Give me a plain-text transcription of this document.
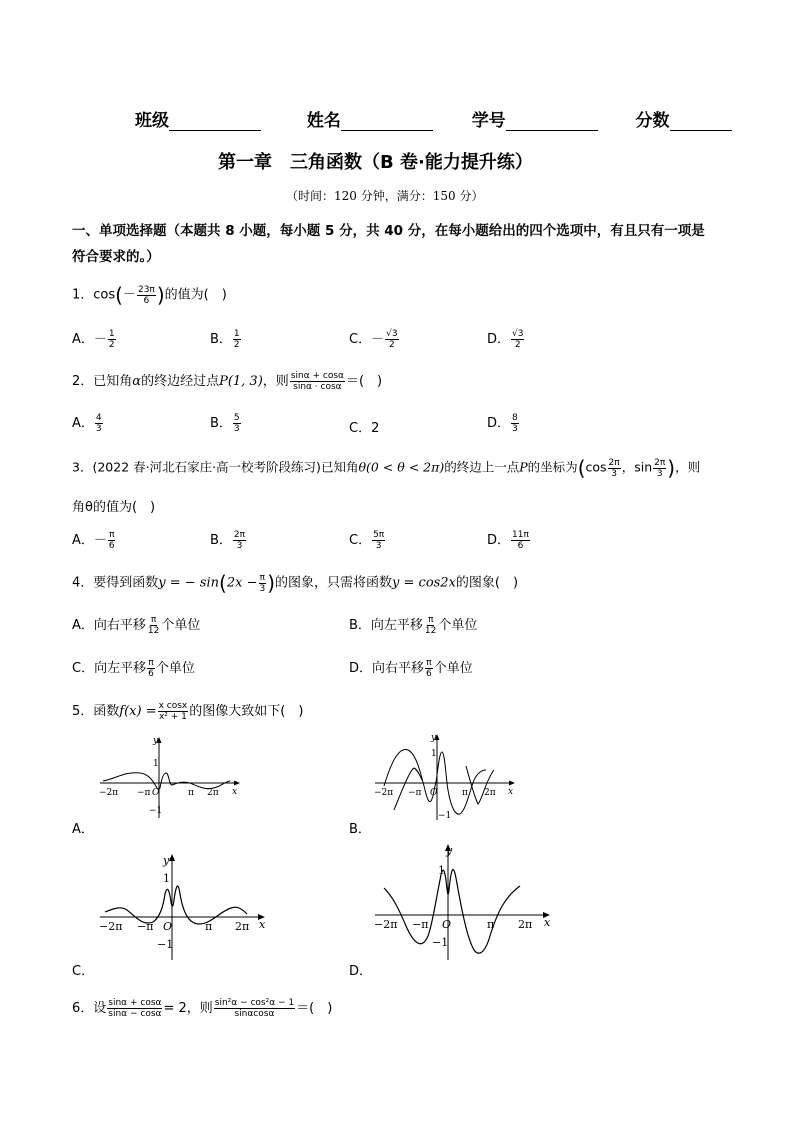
班级	姓名	学号	分数
第一章　三角函数（B 卷·能力提升练）
（时间：120 分钟，满分：150 分）
一、单项选择题（本题共 8 小题，每小题 5 分，共 40 分，在每小题给出的四个选项中，有且只有一项是
符合要求的。）
1．$\cos(- \frac{23\pi}{6}$ )的值为(　)
A．－ $\frac{1}{2}$	B． $\frac{1}{2}$	C．－ $\frac{√3}{2}$	D． $\frac{√3}{2}$
2．已知角α的终边经过点P(1, 3)，则 $\frac{\sin\alpha + \cos\alpha}{\sin\alpha \cdot \cos\alpha}$ ＝(　)
A． $\frac{4}{3}$	B． $\frac{5}{3}$	C．2	D． $\frac{8}{3}$
3．(2022 春·河北石家庄·高一校考阶段练习)已知角θ(0 < θ < 2π)的终边上一点P的坐标为($\cos \frac{2\pi}{3}$ ，$\sin \frac{2\pi}{3}$ )，则
角θ的值为(　)
A．－ $\frac{\pi}{6}$	B． $\frac{2\pi}{3}$	C． $\frac{5\pi}{3}$	D． $\frac{11\pi}{6}$
4．要得到函数y = − $\sin(2x - \frac{\pi}{3}$ )的图象，只需将函数y = cos2x的图象(　)
A．向右平移 $\frac{\pi}{12}$ 个单位	B．向左平移 $\frac{\pi}{12}$ 个单位
C．向左平移 $\frac{\pi}{6}$ 个单位	D．向右平移 $\frac{\pi}{6}$ 个单位
5．函数$f(x) = \frac{\text{x cosx}}{\text{x² + 1}}$ 的图像大致如下(　)
−2π −π O	π 2π x
y
1
−1
A．
−2π −π O	π 2π x
y
1
−1
B．
−2π −π O	π 2π x
y
1
−1
C．
−2π −π O	π 2π x
y
1
−1
D．
6．设 $\frac{\sin\alpha + \cos\alpha}{\sin\alpha - \cos\alpha} = 2$，则 $\frac{\text{sin²α − cos²α − 1}}{\sin\alpha\cos\alpha}$ ＝(　)
